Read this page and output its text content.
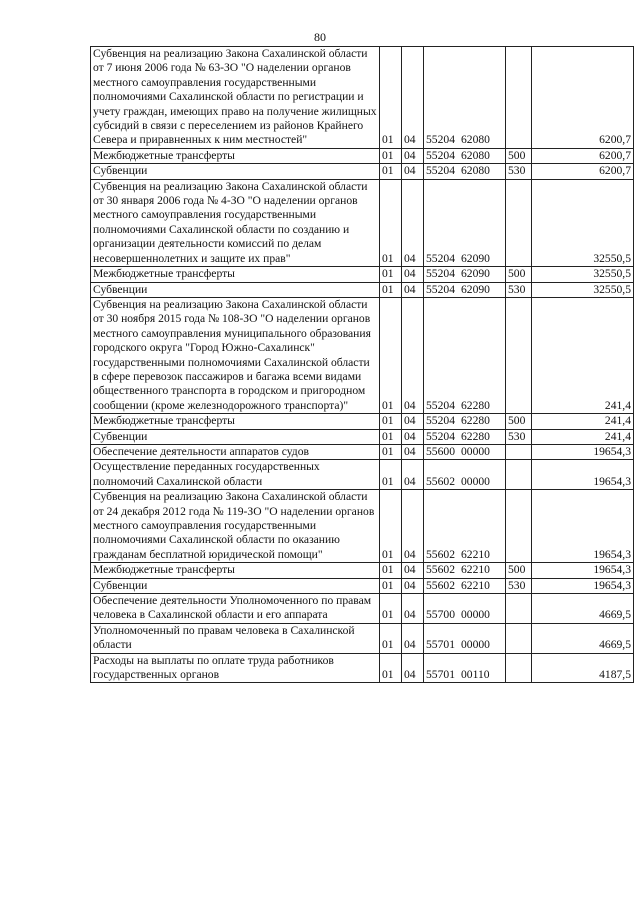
80
Субвенция на реализацию Закона Сахалинской области от 7 июня 2006 года № 63-ЗО "О наделении органов местного самоуправления государственными полномочиями Сахалинской области по регистрации и учету граждан, имеющих право на получение жилищных субсидий в связи с переселением из районов Крайнего Севера и приравненных к ним местностей"	01	04	55204 62080		6200,7
Межбюджетные трансферты	01	04	55204 62080	500	6200,7
Субвенции	01	04	55204 62080	530	6200,7
Субвенция на реализацию Закона Сахалинской области от 30 января 2006 года № 4-ЗО "О наделении органов местного самоуправления государственными полномочиями Сахалинской области по созданию и организации деятельности комиссий по делам несовершеннолетних и защите их прав"	01	04	55204 62090		32550,5
Межбюджетные трансферты	01	04	55204 62090	500	32550,5
Субвенции	01	04	55204 62090	530	32550,5
Субвенция на реализацию Закона Сахалинской области от 30 ноября 2015 года № 108-ЗО "О наделении органов местного самоуправления муниципального образования городского округа "Город Южно-Сахалинск" государственными полномочиями Сахалинской области в сфере перевозок пассажиров и багажа всеми видами общественного транспорта в городском и пригородном сообщении (кроме железнодорожного транспорта)"	01	04	55204 62280		241,4
Межбюджетные трансферты	01	04	55204 62280	500	241,4
Субвенции	01	04	55204 62280	530	241,4
Обеспечение деятельности аппаратов судов	01	04	55600 00000		19654,3
Осуществление переданных государственных полномочий Сахалинской области	01	04	55602 00000		19654,3
Субвенция на реализацию Закона Сахалинской области от 24 декабря 2012 года № 119-ЗО "О наделении органов местного самоуправления государственными полномочиями Сахалинской области по оказанию гражданам бесплатной юридической помощи"	01	04	55602 62210		19654,3
Межбюджетные трансферты	01	04	55602 62210	500	19654,3
Субвенции	01	04	55602 62210	530	19654,3
Обеспечение деятельности Уполномоченного по правам человека в Сахалинской области и его аппарата	01	04	55700 00000		4669,5
Уполномоченный по правам человека в Сахалинской области	01	04	55701 00000		4669,5
Расходы на выплаты по оплате труда работников государственных органов	01	04	55701 00110		4187,5
